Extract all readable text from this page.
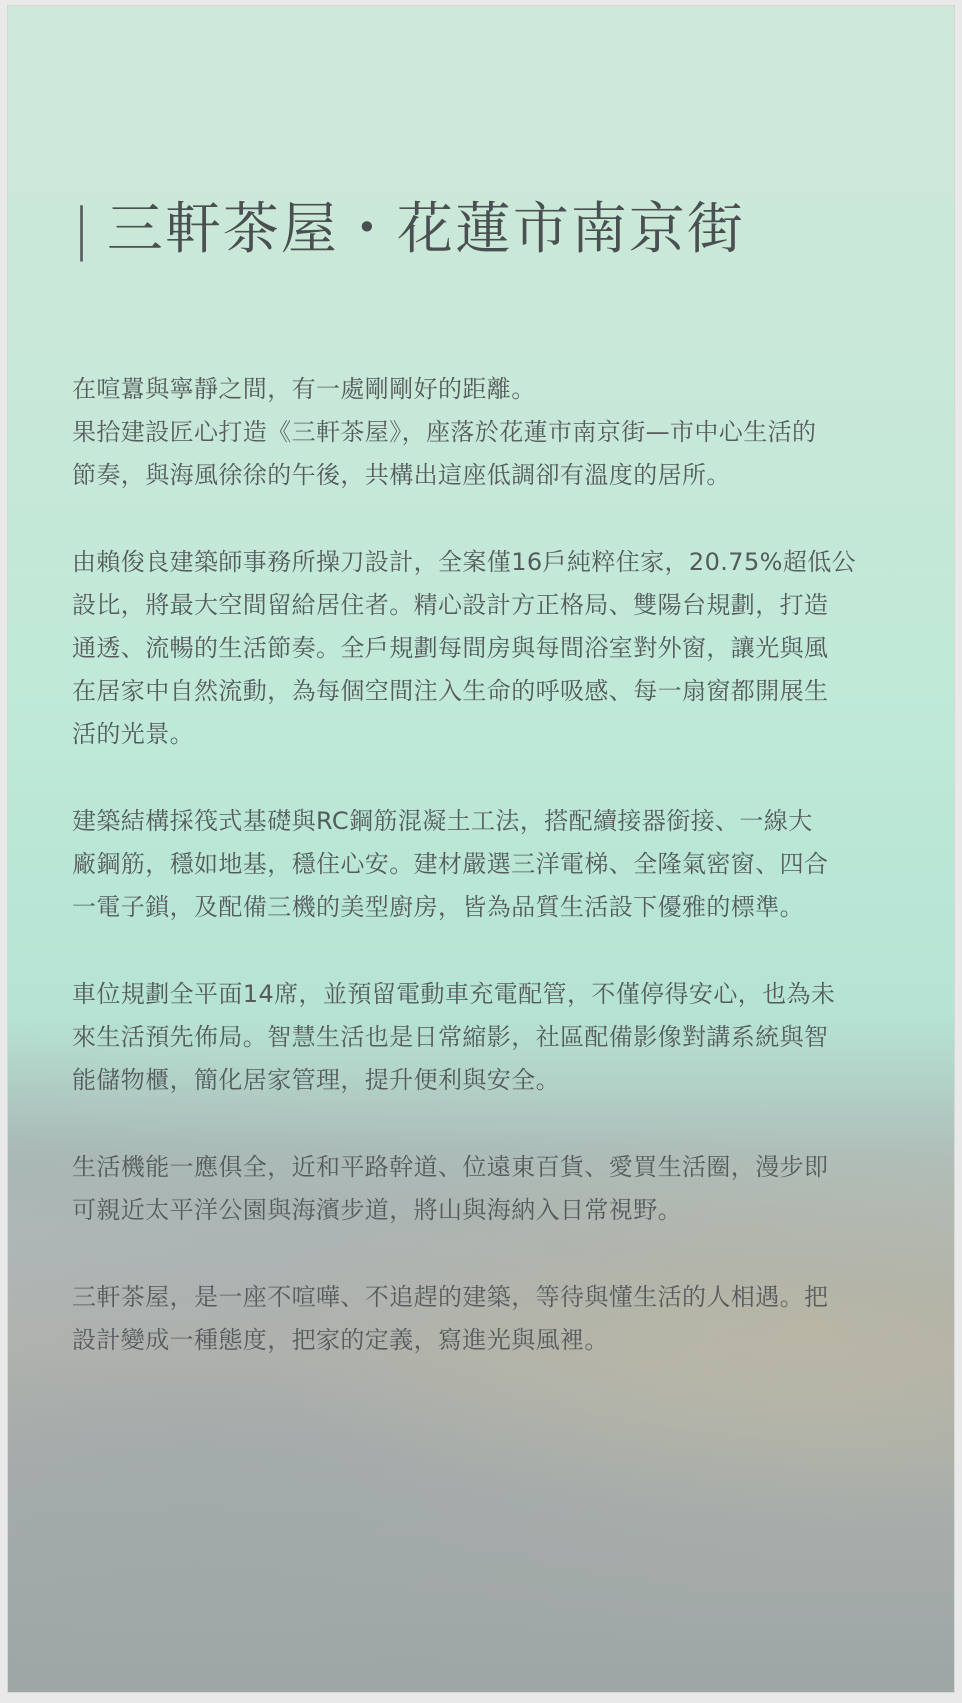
| 三軒茶屋・花蓮市南京街

在喧囂與寧靜之間，有一處剛剛好的距離。
果拾建設匠心打造《三軒茶屋》，座落於花蓮市南京街—市中心生活的
節奏，與海風徐徐的午後，共構出這座低調卻有溫度的居所。

由賴俊良建築師事務所操刀設計，全案僅16戶純粹住家，20.75%超低公
設比，將最大空間留給居住者。精心設計方正格局、雙陽台規劃，打造
通透、流暢的生活節奏。全戶規劃每間房與每間浴室對外窗，讓光與風
在居家中自然流動，為每個空間注入生命的呼吸感、每一扇窗都開展生
活的光景。

建築結構採筏式基礎與RC鋼筋混凝土工法，搭配續接器銜接、一線大
廠鋼筋，穩如地基，穩住心安。建材嚴選三洋電梯、全隆氣密窗、四合
一電子鎖，及配備三機的美型廚房，皆為品質生活設下優雅的標準。

車位規劃全平面14席，並預留電動車充電配管，不僅停得安心，也為未
來生活預先佈局。智慧生活也是日常縮影，社區配備影像對講系統與智
能儲物櫃，簡化居家管理，提升便利與安全。

生活機能一應俱全，近和平路幹道、位遠東百貨、愛買生活圈，漫步即
可親近太平洋公園與海濱步道，將山與海納入日常視野。

三軒茶屋，是一座不喧嘩、不追趕的建築，等待與懂生活的人相遇。把
設計變成一種態度，把家的定義，寫進光與風裡。
